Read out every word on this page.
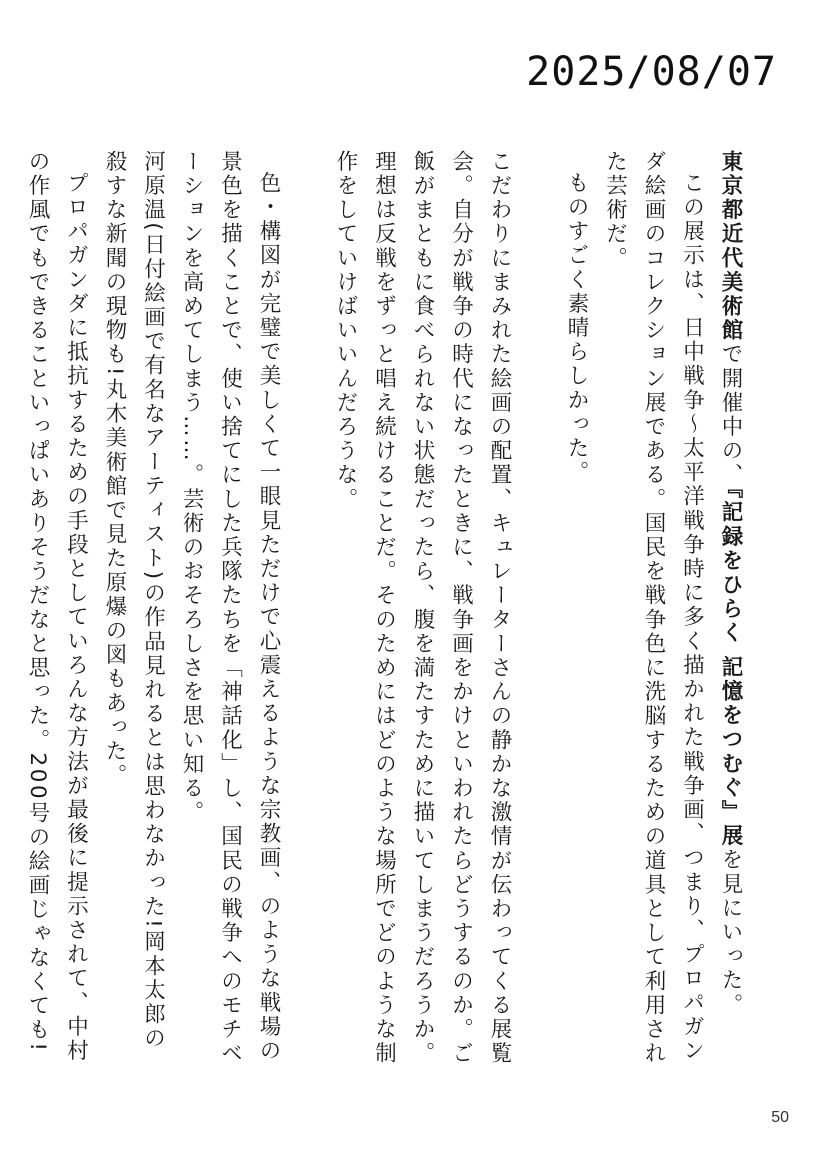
2025/08/07

東京都近代美術館で開催中の、『記録をひらく 記憶をつむぐ』展を見にいった。

この展示は、日中戦争〜太平洋戦争時に多く描かれた戦争画、つまり、プロパガンダ絵画のコレクション展である。国民を戦争色に洗脳するための道具として利用された芸術だ。

ものすごく素晴らしかった。

こだわりにまみれた絵画の配置、キュレーターさんの静かな激情が伝わってくる展覧会。自分が戦争の時代になったときに、戦争画をかけといわれたらどうするのか。ご飯がまともに食べられない状態だったら、腹を満たすために描いてしまうだろうか。理想は反戦をずっと唱え続けることだ。そのためにはどのような場所でどのような制作をしていけばいいんだろうな。

色・構図が完璧で美しくて一眼見ただけで心震えるような宗教画、のような戦場の景色を描くことで、使い捨てにした兵隊たちを「神話化」し、国民の戦争へのモチベーションを高めてしまう……。芸術のおそろしさを思い知る。

河原温(日付絵画で有名なアーティスト)の作品見れるとは思わなかった!岡本太郎の殺すな新聞の現物も!丸木美術館で見た原爆の図もあった。

プロパガンダに抵抗するための手段としていろんな方法が最後に提示されて、中村の作風でもできることいっぱいありそうだなと思った。200号の絵画じゃなくても!

50
